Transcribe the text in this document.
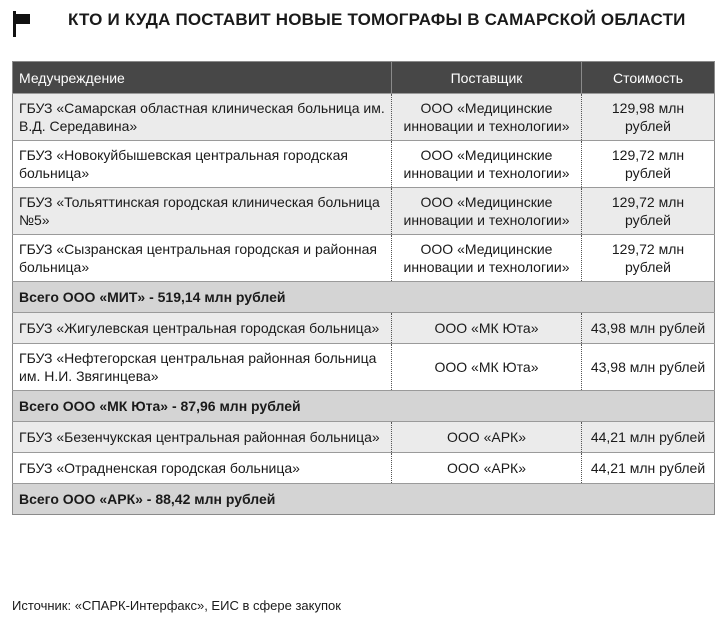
КТО И КУДА ПОСТАВИТ НОВЫЕ ТОМОГРАФЫ В САМАРСКОЙ ОБЛАСТИ
Медучреждение	Поставщик	Стоимость
ГБУЗ «Самарская областная клиническая больница им. В.Д. Середавина»	ООО «Медицинские инновации и технологии»	129,98 млн рублей
ГБУЗ «Новокуйбышевская центральная городская больница»	ООО «Медицинские инновации и технологии»	129,72 млн рублей
ГБУЗ «Тольяттинская городская клиническая больница №5»	ООО «Медицинские инновации и технологии»	129,72 млн рублей
ГБУЗ «Сызранская центральная городская и районная больница»	ООО «Медицинские инновации и технологии»	129,72 млн рублей
Всего ООО «МИТ» - 519,14 млн рублей		
ГБУЗ «Жигулевская центральная городская больница»	ООО «МК Юта»	43,98 млн рублей
ГБУЗ «Нефтегорская центральная районная больница им. Н.И. Звягинцева»	ООО «МК Юта»	43,98 млн рублей
Всего ООО «МК Юта» - 87,96 млн рублей		
ГБУЗ «Безенчукская центральная районная больница»	ООО «АРК»	44,21 млн рублей
ГБУЗ «Отрадненская городская больница»	ООО «АРК»	44,21 млн рублей
Всего ООО «АРК» - 88,42 млн рублей		
Источник: «СПАРК-Интерфакс», ЕИС в сфере закупок
